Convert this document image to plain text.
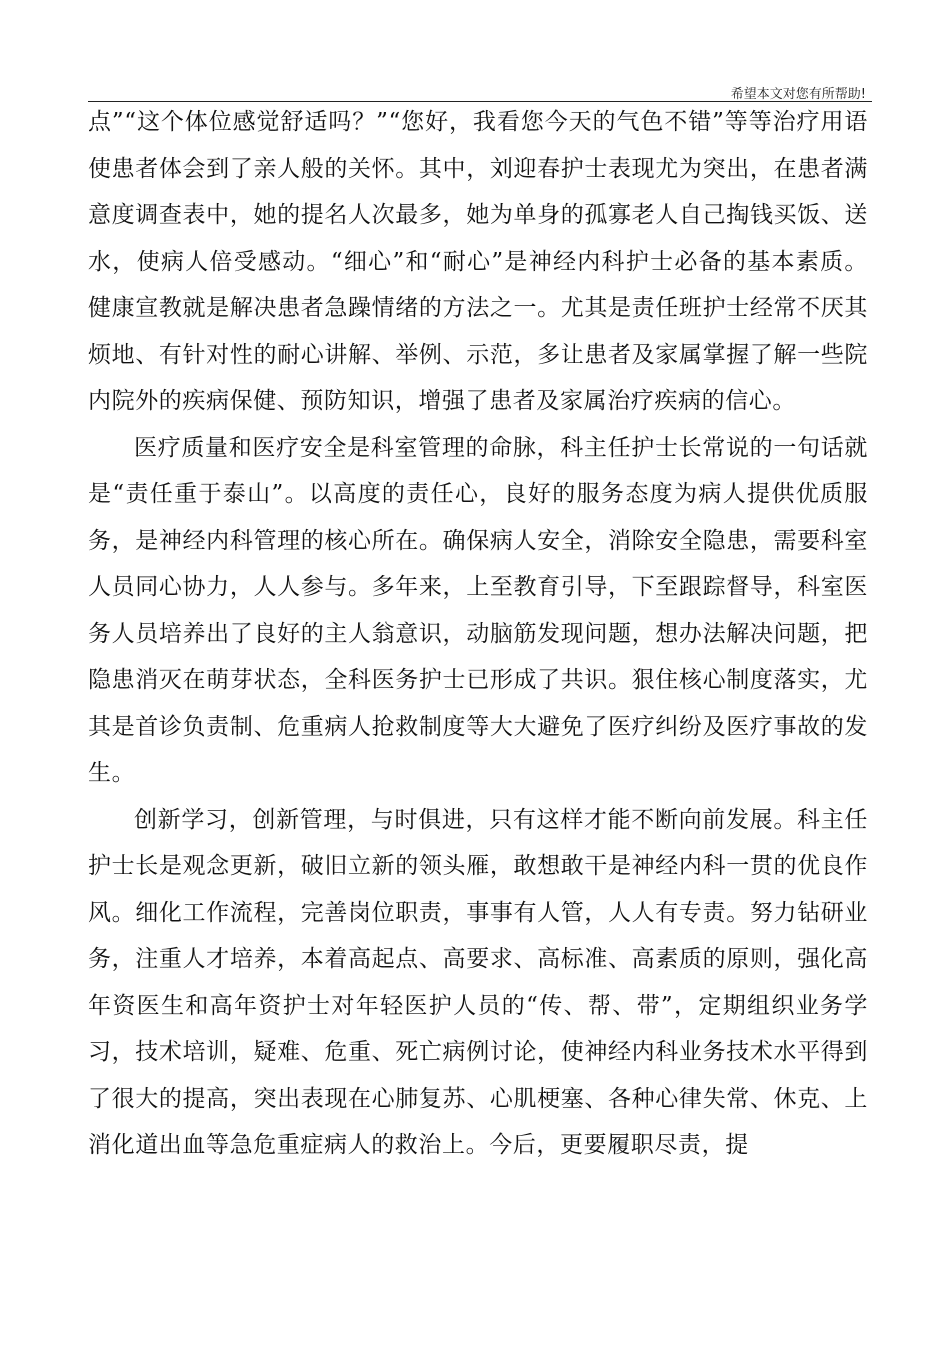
希望本文对您有所帮助!

点”“这个体位感觉舒适吗？”“您好，我看您今天的气色不错”等等治疗用语使患者体会到了亲人般的关怀。其中，刘迎春护士表现尤为突出，在患者满意度调查表中，她的提名人次最多，她为单身的孤寡老人自己掏钱买饭、送水，使病人倍受感动。“细心”和“耐心”是神经内科护士必备的基本素质。健康宣教就是解决患者急躁情绪的方法之一。尤其是责任班护士经常不厌其烦地、有针对性的耐心讲解、举例、示范，多让患者及家属掌握了解一些院内院外的疾病保健、预防知识，增强了患者及家属治疗疾病的信心。

医疗质量和医疗安全是科室管理的命脉，科主任护士长常说的一句话就是“责任重于泰山”。以高度的责任心，良好的服务态度为病人提供优质服务，是神经内科管理的核心所在。确保病人安全，消除安全隐患，需要科室人员同心协力，人人参与。多年来，上至教育引导，下至跟踪督导，科室医务人员培养出了良好的主人翁意识，动脑筋发现问题，想办法解决问题，把隐患消灭在萌芽状态，全科医务护士已形成了共识。狠住核心制度落实，尤其是首诊负责制、危重病人抢救制度等大大避免了医疗纠纷及医疗事故的发生。

创新学习，创新管理，与时俱进，只有这样才能不断向前发展。科主任护士长是观念更新，破旧立新的领头雁，敢想敢干是神经内科一贯的优良作风。细化工作流程，完善岗位职责，事事有人管，人人有专责。努力钻研业务，注重人才培养，本着高起点、高要求、高标准、高素质的原则，强化高年资医生和高年资护士对年轻医护人员的“传、帮、带”，定期组织业务学习，技术培训，疑难、危重、死亡病例讨论，使神经内科业务技术水平得到了很大的提高，突出表现在心肺复苏、心肌梗塞、各种心律失常、休克、上消化道出血等急危重症病人的救治上。今后，更要履职尽责，提
